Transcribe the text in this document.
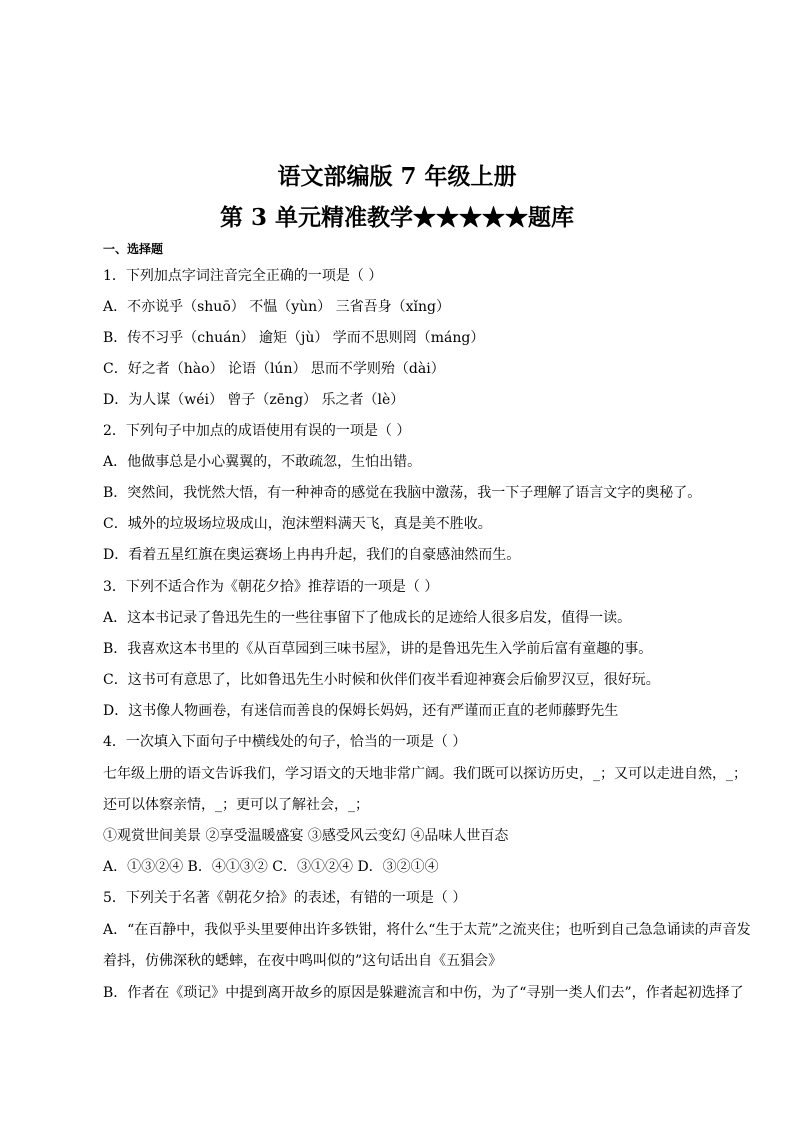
语文部编版 7 年级上册
第 3 单元精准教学★★★★★题库
一、选择题
1．下列加点字词注音完全正确的一项是（ ）
A．不亦说乎（shuō） 不愠（yùn） 三省吾身（xǐng）
B．传不习乎（chuán） 逾矩（jù） 学而不思则罔（máng）
C．好之者（hào） 论语（lún） 思而不学则殆（dài）
D．为人谋（wéi） 曾子（zēng） 乐之者（lè）
2．下列句子中加点的成语使用有误的一项是（ ）
A．他做事总是小心翼翼的，不敢疏忽，生怕出错。
B．突然间，我恍然大悟，有一种神奇的感觉在我脑中激荡，我一下子理解了语言文字的奥秘了。
C．城外的垃圾场垃圾成山，泡沫塑料满天飞，真是美不胜收。
D．看着五星红旗在奥运赛场上冉冉升起，我们的自豪感油然而生。
3．下列不适合作为《朝花夕拾》推荐语的一项是（ ）
A．这本书记录了鲁迅先生的一些往事留下了他成长的足迹给人很多启发，值得一读。
B．我喜欢这本书里的《从百草园到三味书屋》，讲的是鲁迅先生入学前后富有童趣的事。
C．这书可有意思了，比如鲁迅先生小时候和伙伴们夜半看迎神赛会后偷罗汉豆，很好玩。
D．这书像人物画卷，有迷信而善良的保姆长妈妈，还有严谨而正直的老师藤野先生
4．一次填入下面句子中横线处的句子，恰当的一项是（ ）
七年级上册的语文告诉我们，学习语文的天地非常广阔。我们既可以探访历史，_；又可以走进自然，_；
还可以体察亲情，_；更可以了解社会，_；
①观赏世间美景 ②享受温暖盛宴 ③感受风云变幻 ④品味人世百态
A．①③②④ B．④①③② C．③①②④ D．③②①④
5．下列关于名著《朝花夕拾》的表述，有错的一项是（ ）
A．“在百静中，我似乎头里要伸出许多铁钳，将什么“生于太荒”之流夹住；也听到自己急急诵读的声音发
着抖，仿佛深秋的蟋蟀，在夜中鸣叫似的”这句话出自《五猖会》
B．作者在《琐记》中提到离开故乡的原因是躲避流言和中伤，为了“寻别一类人们去”，作者起初选择了
